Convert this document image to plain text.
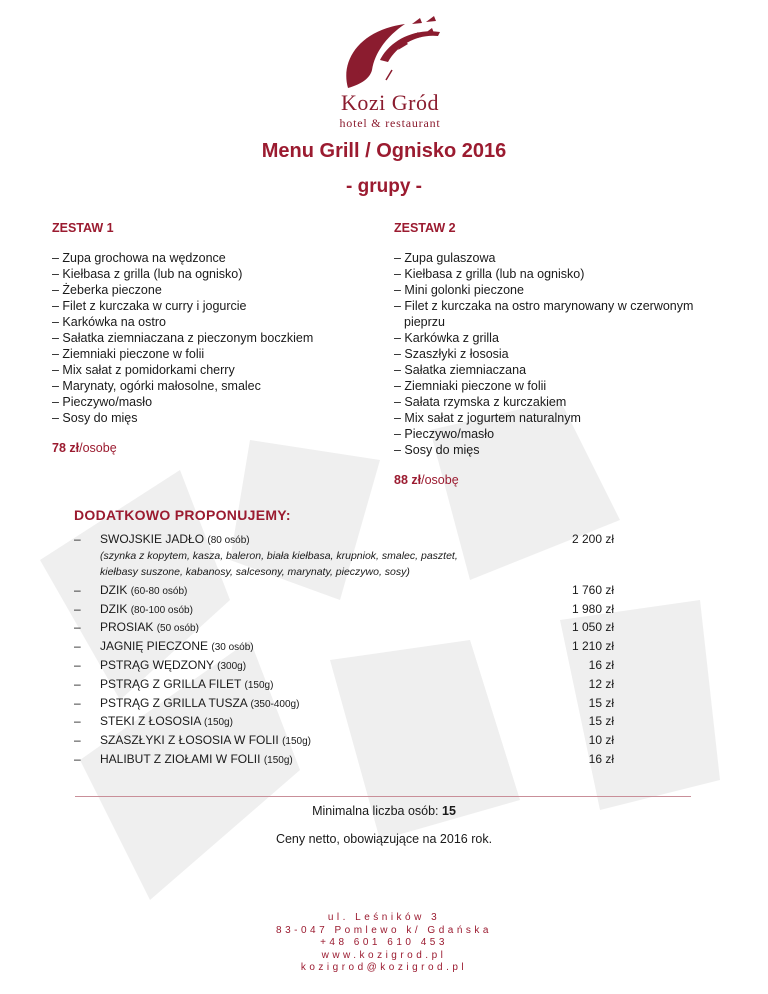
Kozi Gród
hotel & restaurant
Menu Grill / Ognisko 2016
- grupy -
ZESTAW 1
– Zupa grochowa na wędzonce
– Kiełbasa z grilla (lub na ognisko)
– Żeberka pieczone
– Filet z kurczaka w curry i jogurcie
– Karkówka na ostro
– Sałatka ziemniaczana z pieczonym boczkiem
– Ziemniaki pieczone w folii
– Mix sałat z pomidorkami cherry
– Marynaty, ogórki małosolne, smalec
– Pieczywo/masło
– Sosy do mięs
78 zł/osobę
ZESTAW 2
– Zupa gulaszowa
– Kiełbasa z grilla (lub na ognisko)
– Mini golonki pieczone
– Filet z kurczaka na ostro marynowany w czerwonym pieprzu
– Karkówka z grilla
– Szaszłyki z łososia
– Sałatka ziemniaczana
– Ziemniaki pieczone w folii
– Sałata rzymska z kurczakiem
– Mix sałat z jogurtem naturalnym
– Pieczywo/masło
– Sosy do mięs
88 zł/osobę
DODATKOWO PROPONUJEMY:
– SWOJSKIE JADŁO (80 osób)	2 200 zł
(szynka z kopytem, kasza, baleron, biała kiełbasa, krupniok, smalec, pasztet,
kiełbasy suszone, kabanosy, salcesony, marynaty, pieczywo, sosy)
– DZIK (60-80 osób)	1 760 zł
– DZIK (80-100 osób)	1 980 zł
– PROSIAK (50 osób)	1 050 zł
– JAGNIĘ PIECZONE (30 osób)	1 210 zł
– PSTRĄG WĘDZONY (300g)	16 zł
– PSTRĄG Z GRILLA FILET (150g)	12 zł
– PSTRĄG Z GRILLA TUSZA (350-400g)	15 zł
– STEKI Z ŁOSOSIA (150g)	15 zł
– SZASZŁYKI Z ŁOSOSIA W FOLII (150g)	10 zł
– HALIBUT Z ZIOŁAMI W FOLII (150g)	16 zł
Minimalna liczba osób: 15
Ceny netto, obowiązujące na 2016 rok.
ul. Leśników 3
83-047 Pomlewo k/ Gdańska
+48 601 610 453
www.kozigrod.pl
kozigrod@kozigrod.pl
